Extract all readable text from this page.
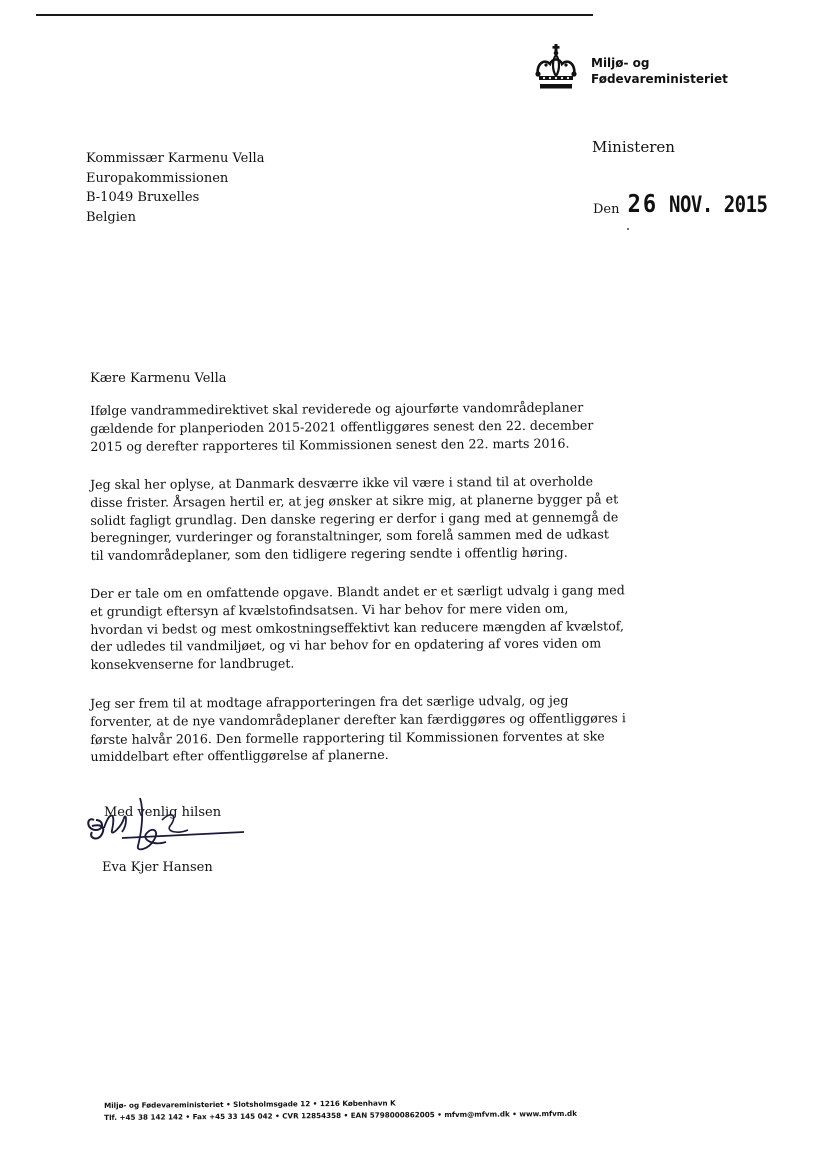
Miljø- og
Fødevareministeriet
Ministeren
Kommissær Karmenu Vella
Europakommissionen
B-1049 Bruxelles
Belgien	Den 26 NOV. 2015
Kære Karmenu Vella
Ifølge vandrammedirektivet skal reviderede og ajourførte vandområdeplaner
gældende for planperioden 2015-2021 offentliggøres senest den 22. december
2015 og derefter rapporteres til Kommissionen senest den 22. marts 2016.
Jeg skal her oplyse, at Danmark desværre ikke vil være i stand til at overholde
disse frister. Årsagen hertil er, at jeg ønsker at sikre mig, at planerne bygger på et
solidt fagligt grundlag. Den danske regering er derfor i gang med at gennemgå de
beregninger, vurderinger og foranstaltninger, som forelå sammen med de udkast
til vandområdeplaner, som den tidligere regering sendte i offentlig høring.
Der er tale om en omfattende opgave. Blandt andet er et særligt udvalg i gang med
et grundigt eftersyn af kvælstofindsatsen. Vi har behov for mere viden om,
hvordan vi bedst og mest omkostningseffektivt kan reducere mængden af kvælstof,
der udledes til vandmiljøet, og vi har behov for en opdatering af vores viden om
konsekvenserne for landbruget.
Jeg ser frem til at modtage afrapporteringen fra det særlige udvalg, og jeg
forventer, at de nye vandområdeplaner derefter kan færdiggøres og offentliggøres i
første halvår 2016. Den formelle rapportering til Kommissionen forventes at ske
umiddelbart efter offentliggørelse af planerne.
Med venlig hilsen
Eva Kjer Hansen
Miljø- og Fødevareministeriet • Slotsholmsgade 12 • 1216 København K
Tlf. +45 38 142 142 • Fax +45 33 145 042 • CVR 12854358 • EAN 5798000862005 • mfvm@mfvm.dk • www.mfvm.dk
